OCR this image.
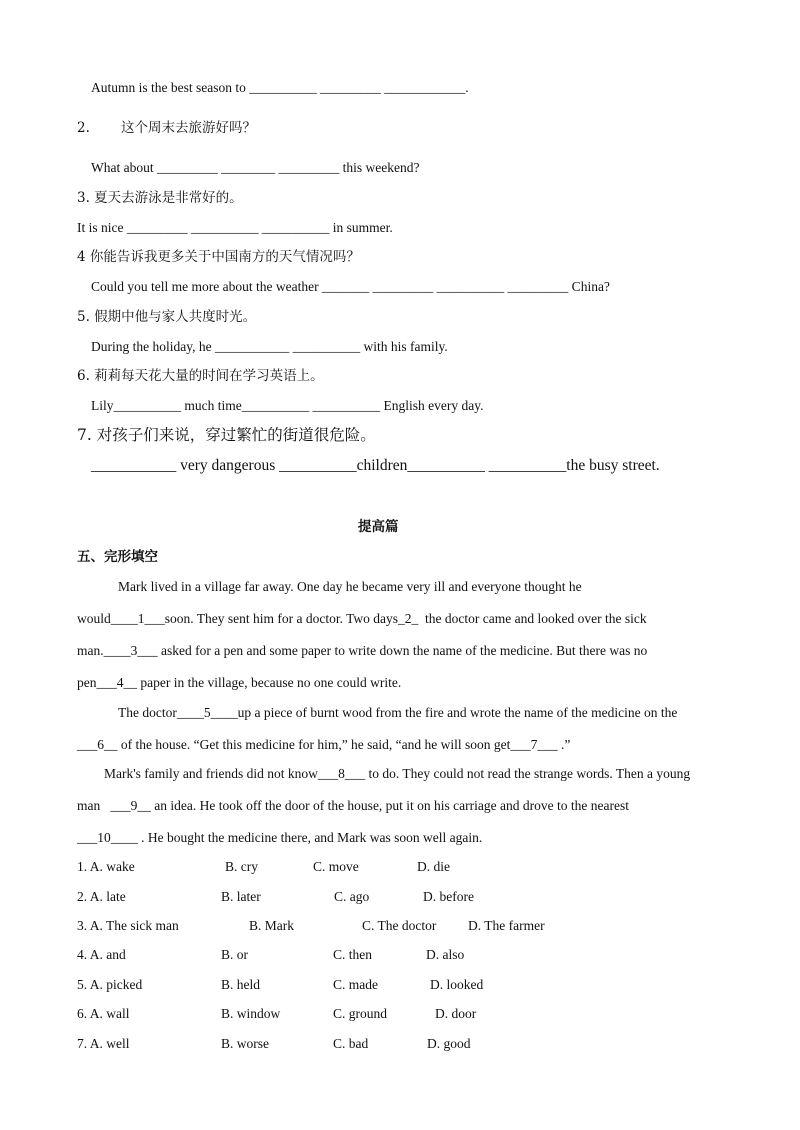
Autumn is the best season to __________ _________ ____________.
2. 这个周末去旅游好吗？
What about _________ ________ _________ this weekend?
3. 夏天去游泳是非常好的。
It is nice _________ __________ __________ in summer.
4 你能告诉我更多关于中国南方的天气情况吗？
Could you tell me more about the weather _______ _________ __________ _________ China?
5. 假期中他与家人共度时光。
During the holiday, he ___________ __________ with his family.
6. 莉莉每天花大量的时间在学习英语上。
Lily__________ much time__________ __________ English every day.
7. 对孩子们来说，穿过繁忙的街道很危险。
___________ very dangerous __________children__________ __________the busy street.
提高篇
五、完形填空
Mark lived in a village far away. One day he became very ill and everyone thought he
would____1___soon. They sent him for a doctor. Two days_2_  the doctor came and looked over the sick
man.____3___ asked for a pen and some paper to write down the name of the medicine. But there was no
pen___4__ paper in the village, because no one could write.
The doctor____5____up a piece of burnt wood from the fire and wrote the name of the medicine on the
___6__ of the house. “Get this medicine for him,” he said, “and he will soon get___7___ .”
Mark's family and friends did not know___8___ to do. They could not read the strange words. Then a young
man   ___9__ an idea. He took off the door of the house, put it on his carriage and drove to the nearest
___10____ . He bought the medicine there, and Mark was soon well again.

1. A. wake

	B. cry

	C. move

	D. die

2. A. late

	B. later

	C. ago

	D. before

3. A. The sick man

	B. Mark

	C. The doctor

D. The farmer

4. A. and

	B. or

	C. then

	D. also

5. A. picked

	B. held

	C. made

	D. looked

6. A. wall

	B. window

	C. ground

	D. door

7. A. well

	B. worse

	C. bad

	D. good
